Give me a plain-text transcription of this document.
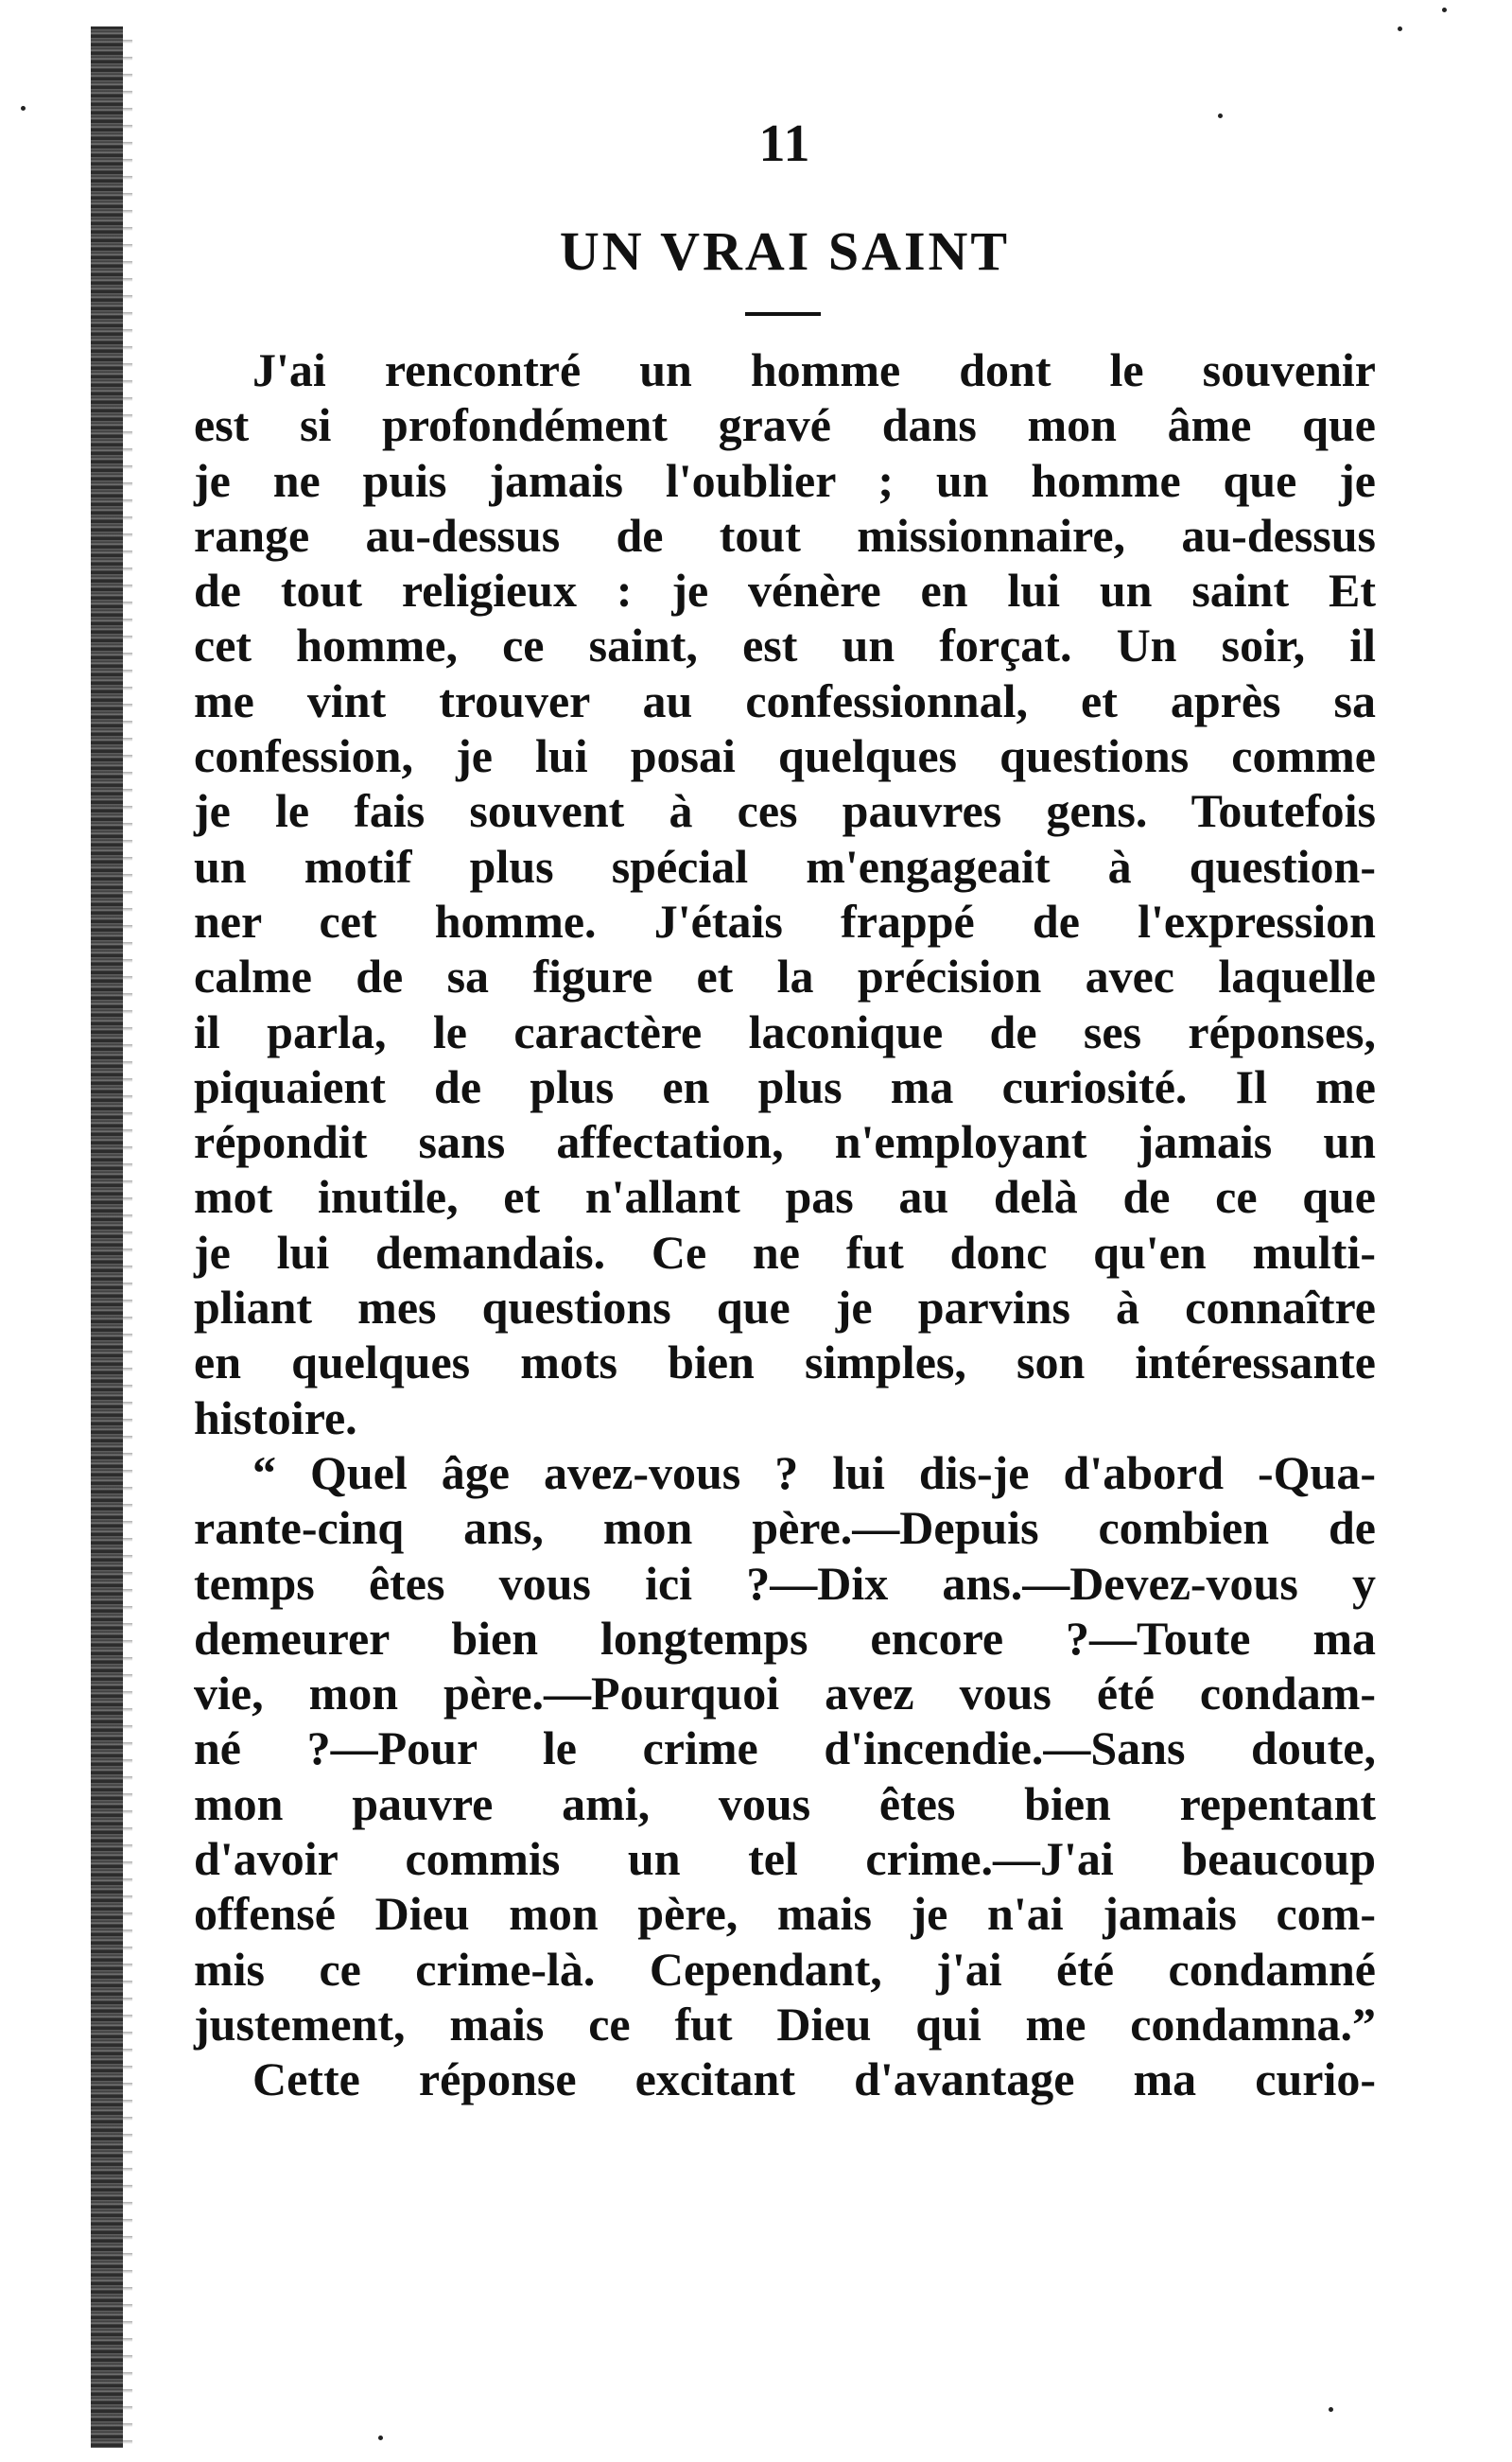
11
UN VRAI SAINT
J'ai rencontré un homme dont le souvenir
est si profondément gravé dans mon âme que
je ne puis jamais l'oublier ; un homme que je
range au-dessus de tout missionnaire, au-dessus
de tout religieux : je vénère en lui un saint Et
cet homme, ce saint, est un forçat. Un soir, il
me vint trouver au confessionnal, et après sa
confession, je lui posai quelques questions comme
je le fais souvent à ces pauvres gens. Toutefois
un motif plus spécial m'engageait à question-
ner cet homme. J'étais frappé de l'expression
calme de sa figure et la précision avec laquelle
il parla, le caractère laconique de ses réponses,
piquaient de plus en plus ma curiosité. Il me
répondit sans affectation, n'employant jamais un
mot inutile, et n'allant pas au delà de ce que
je lui demandais. Ce ne fut donc qu'en multi-
pliant mes questions que je parvins à connaître
en quelques mots bien simples, son intéressante
histoire.
“ Quel âge avez-vous ? lui dis-je d'abord -Qua-
rante-cinq ans, mon père.—Depuis combien de
temps êtes vous ici ?—Dix ans.—Devez-vous y
demeurer bien longtemps encore ?—Toute ma
vie, mon père.—Pourquoi avez vous été condam-
né ?—Pour le crime d'incendie.—Sans doute,
mon pauvre ami, vous êtes bien repentant
d'avoir commis un tel crime.—J'ai beaucoup
offensé Dieu mon père, mais je n'ai jamais com-
mis ce crime-là. Cependant, j'ai été condamné
justement, mais ce fut Dieu qui me condamna.”
Cette réponse excitant d'avantage ma curio-
